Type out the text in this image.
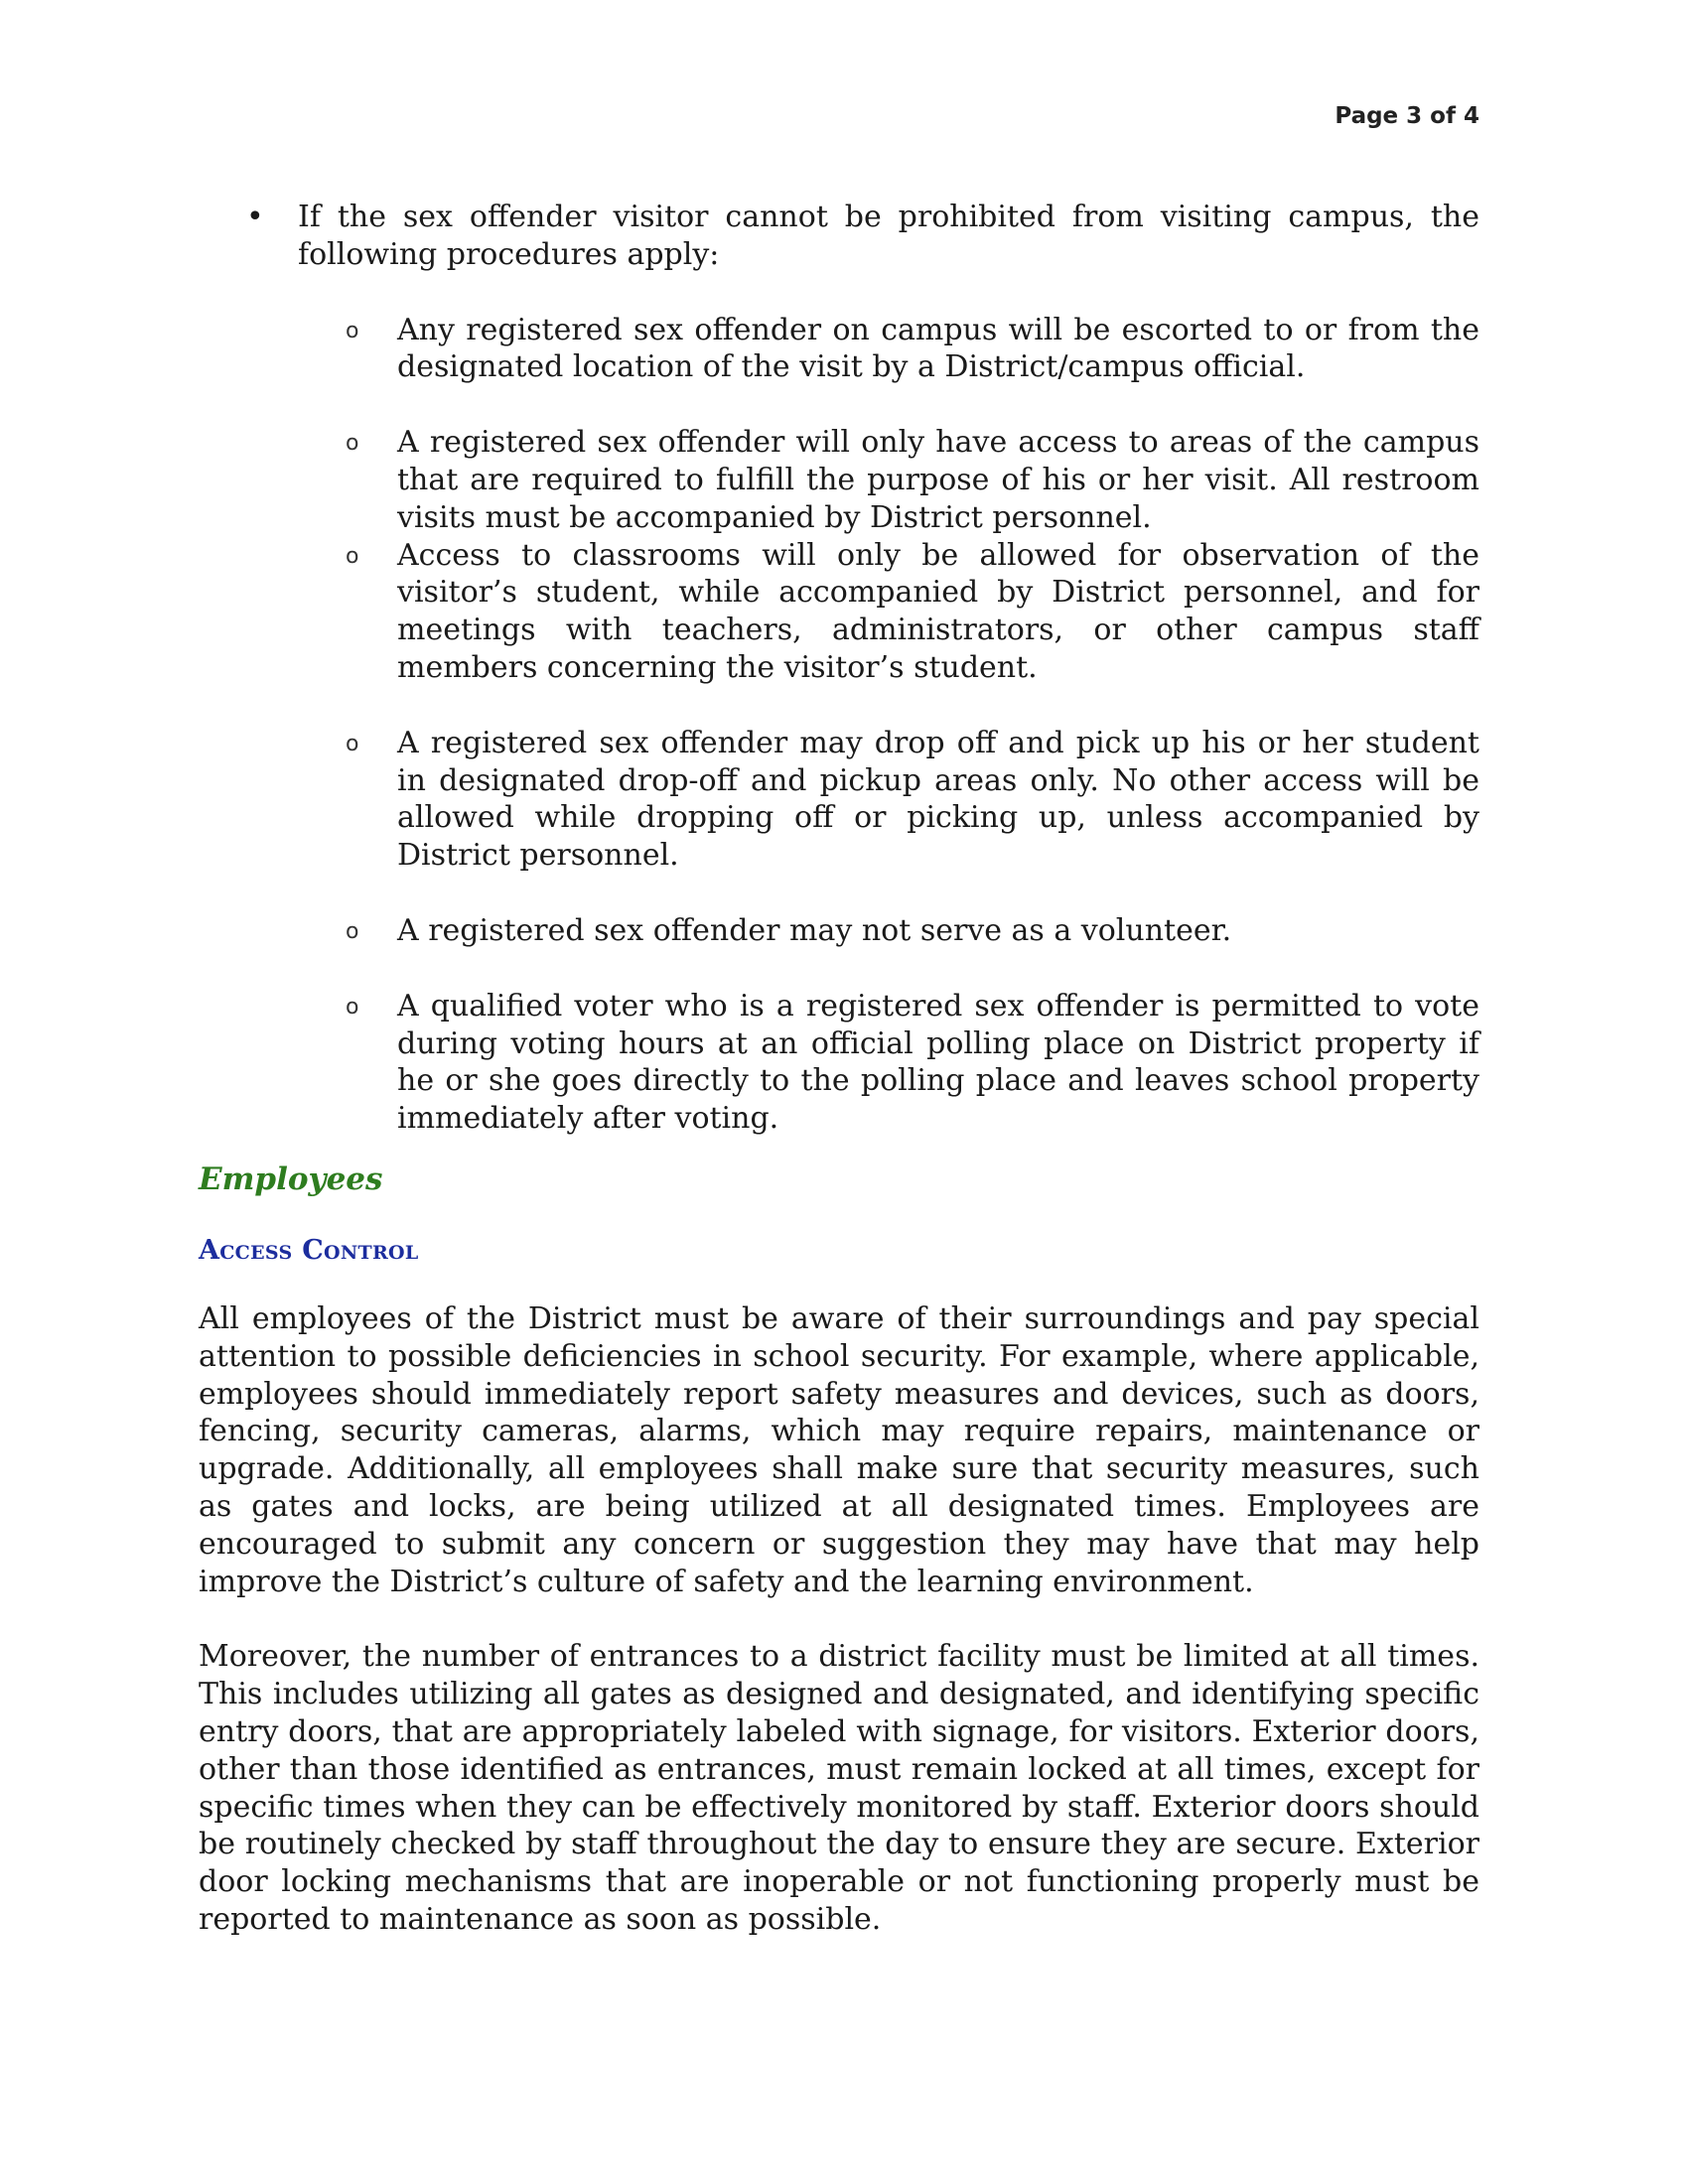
Page 3 of 4
• If the sex offender visitor cannot be prohibited from visiting campus, the following procedures apply:

o Any registered sex offender on campus will be escorted to or from the designated location of the visit by a District/campus official.

o A registered sex offender will only have access to areas of the campus that are required to fulfill the purpose of his or her visit. All restroom visits must be accompanied by District personnel.

o Access to classrooms will only be allowed for observation of the visitor’s student, while accompanied by District personnel, and for meetings with teachers, administrators, or other campus staff members concerning the visitor’s student.

o A registered sex offender may drop off and pick up his or her student in designated drop-off and pickup areas only. No other access will be allowed while dropping off or picking up, unless accompanied by District personnel.

o A registered sex offender may not serve as a volunteer.

o A qualified voter who is a registered sex offender is permitted to vote during voting hours at an official polling place on District property if he or she goes directly to the polling place and leaves school property immediately after voting.

Employees
Access Control

All employees of the District must be aware of their surroundings and pay special attention to possible deficiencies in school security. For example, where applicable, employees should immediately report safety measures and devices, such as doors, fencing, security cameras, alarms, which may require repairs, maintenance or upgrade. Additionally, all employees shall make sure that security measures, such as gates and locks, are being utilized at all designated times. Employees are encouraged to submit any concern or suggestion they may have that may help improve the District’s culture of safety and the learning environment.

Moreover, the number of entrances to a district facility must be limited at all times. This includes utilizing all gates as designed and designated, and identifying specific entry doors, that are appropriately labeled with signage, for visitors. Exterior doors, other than those identified as entrances, must remain locked at all times, except for specific times when they can be effectively monitored by staff. Exterior doors should be routinely checked by staff throughout the day to ensure they are secure. Exterior door locking mechanisms that are inoperable or not functioning properly must be reported to maintenance as soon as possible.
